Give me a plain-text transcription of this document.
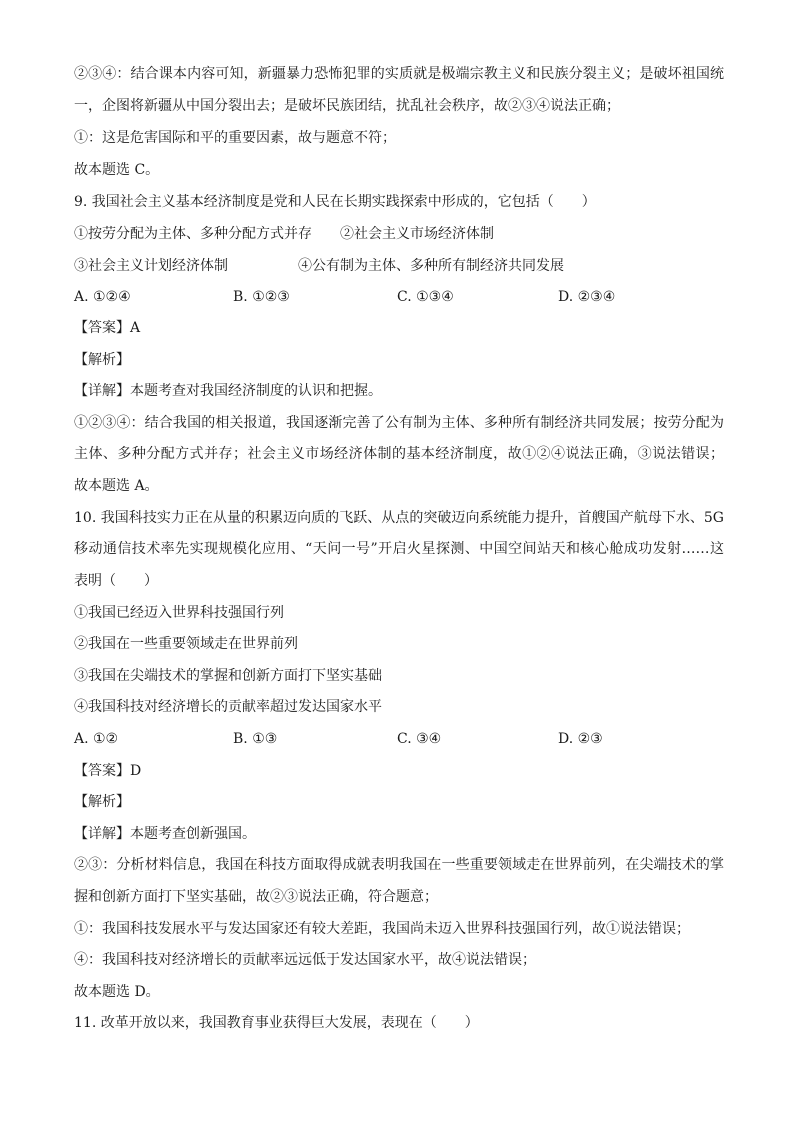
②③④：结合课本内容可知，新疆暴力恐怖犯罪的实质就是极端宗教主义和民族分裂主义；是破坏祖国统
一，企图将新疆从中国分裂出去；是破坏民族团结，扰乱社会秩序，故②③④说法正确；
①：这是危害国际和平的重要因素，故与题意不符；
故本题选 C。
9. 我国社会主义基本经济制度是党和人民在长期实践探索中形成的，它包括（　　）
①按劳分配为主体、多种分配方式并存　　②社会主义市场经济体制
③社会主义计划经济体制　　　　　④公有制为主体、多种所有制经济共同发展
A. ①②④	B. ①②③	C. ①③④	D. ②③④
【答案】A
【解析】
【详解】本题考查对我国经济制度的认识和把握。
①②③④：结合我国的相关报道，我国逐渐完善了公有制为主体、多种所有制经济共同发展；按劳分配为
主体、多种分配方式并存；社会主义市场经济体制的基本经济制度，故①②④说法正确，③说法错误；
故本题选 A。
10. 我国科技实力正在从量的积累迈向质的飞跃、从点的突破迈向系统能力提升，首艘国产航母下水、5G
移动通信技术率先实现规模化应用、“天问一号”开启火星探测、中国空间站天和核心舱成功发射……这
表明（　　）
①我国已经迈入世界科技强国行列
②我国在一些重要领域走在世界前列
③我国在尖端技术的掌握和创新方面打下坚实基础
④我国科技对经济增长的贡献率超过发达国家水平
A. ①②	B. ①③	C. ③④	D. ②③
【答案】D
【解析】
【详解】本题考查创新强国。
②③：分析材料信息，我国在科技方面取得成就表明我国在一些重要领域走在世界前列，在尖端技术的掌
握和创新方面打下坚实基础，故②③说法正确，符合题意；
①：我国科技发展水平与发达国家还有较大差距，我国尚未迈入世界科技强国行列，故①说法错误；
④：我国科技对经济增长的贡献率远远低于发达国家水平，故④说法错误；
故本题选 D。
11. 改革开放以来，我国教育事业获得巨大发展，表现在（　　）
